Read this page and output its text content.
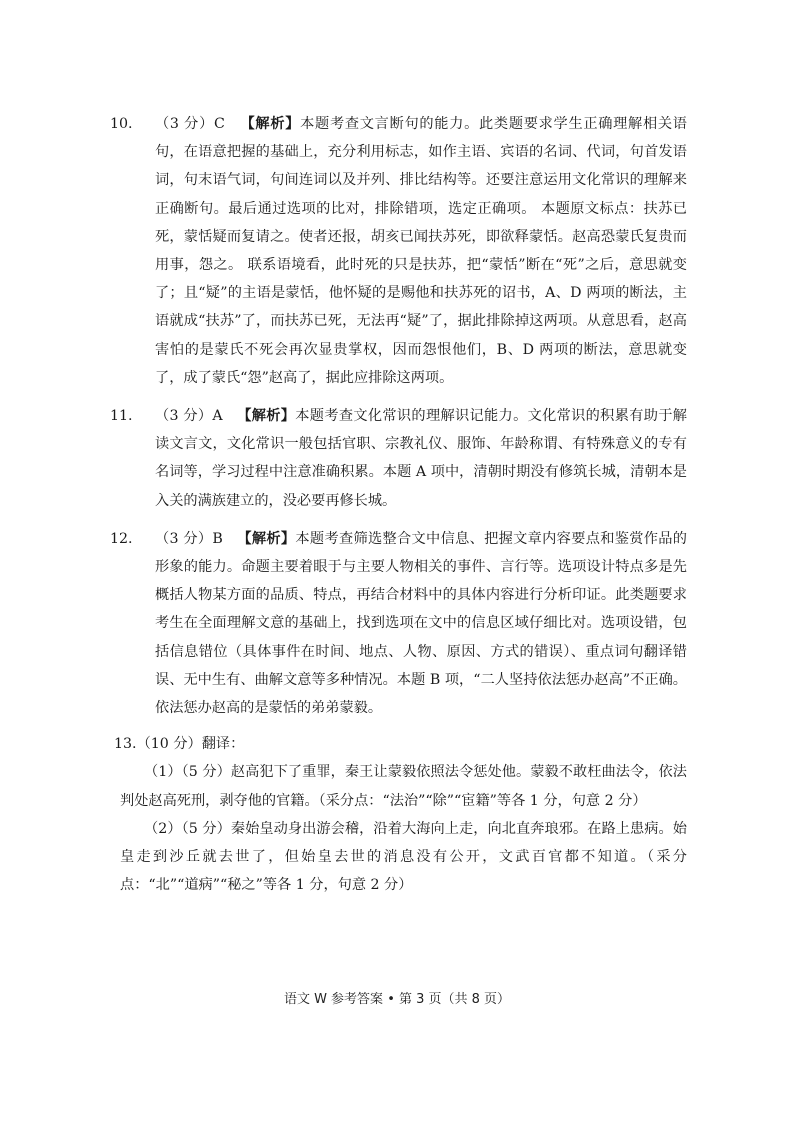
10.	（3 分）C 【解析】本题考查文言断句的能力。此类题要求学生正确理解相关语句，在语意把握的基础上，充分利用标志，如作主语、宾语的名词、代词，句首发语词，句末语气词，句间连词以及并列、排比结构等。还要注意运用文化常识的理解来正确断句。最后通过选项的比对，排除错项，选定正确项。 本题原文标点：扶苏已死，蒙恬疑而复请之。使者还报，胡亥已闻扶苏死，即欲释蒙恬。赵高恐蒙氏复贵而用事，怨之。 联系语境看，此时死的只是扶苏，把“蒙恬”断在“死”之后，意思就变了；且“疑”的主语是蒙恬，他怀疑的是赐他和扶苏死的诏书，A、D 两项的断法，主语就成“扶苏”了，而扶苏已死，无法再“疑”了，据此排除掉这两项。从意思看，赵高害怕的是蒙氏不死会再次显贵掌权，因而怨恨他们，B、D 两项的断法，意思就变了，成了蒙氏“怨”赵高了，据此应排除这两项。
11.	（3 分）A 【解析】本题考查文化常识的理解识记能力。文化常识的积累有助于解读文言文，文化常识一般包括官职、宗教礼仪、服饰、年龄称谓、有特殊意义的专有名词等，学习过程中注意准确积累。本题 A 项中，清朝时期没有修筑长城，清朝本是入关的满族建立的，没必要再修长城。
12.	（3 分）B 【解析】本题考查筛选整合文中信息、把握文章内容要点和鉴赏作品的形象的能力。命题主要着眼于与主要人物相关的事件、言行等。选项设计特点多是先概括人物某方面的品质、特点，再结合材料中的具体内容进行分析印证。此类题要求考生在全面理解文意的基础上，找到选项在文中的信息区域仔细比对。选项设错，包括信息错位（具体事件在时间、地点、人物、原因、方式的错误）、重点词句翻译错误、无中生有、曲解文意等多种情况。本题 B 项，“二人坚持依法惩办赵高”不正确。依法惩办赵高的是蒙恬的弟弟蒙毅。
13.（10 分）翻译：
（1）（5 分）赵高犯下了重罪，秦王让蒙毅依照法令惩处他。蒙毅不敢枉曲法令，依法判处赵高死刑，剥夺他的官籍。（采分点：“法治”“除”“宦籍”等各 1 分，句意 2 分）
（2）（5 分）秦始皇动身出游会稽，沿着大海向上走，向北直奔琅邪。在路上患病。始皇走到沙丘就去世了，但始皇去世的消息没有公开，文武百官都不知道。（采分点：“北”“道病”“秘之”等各 1 分，句意 2 分）
语文 W 参考答案 • 第 3 页（共 8 页）
